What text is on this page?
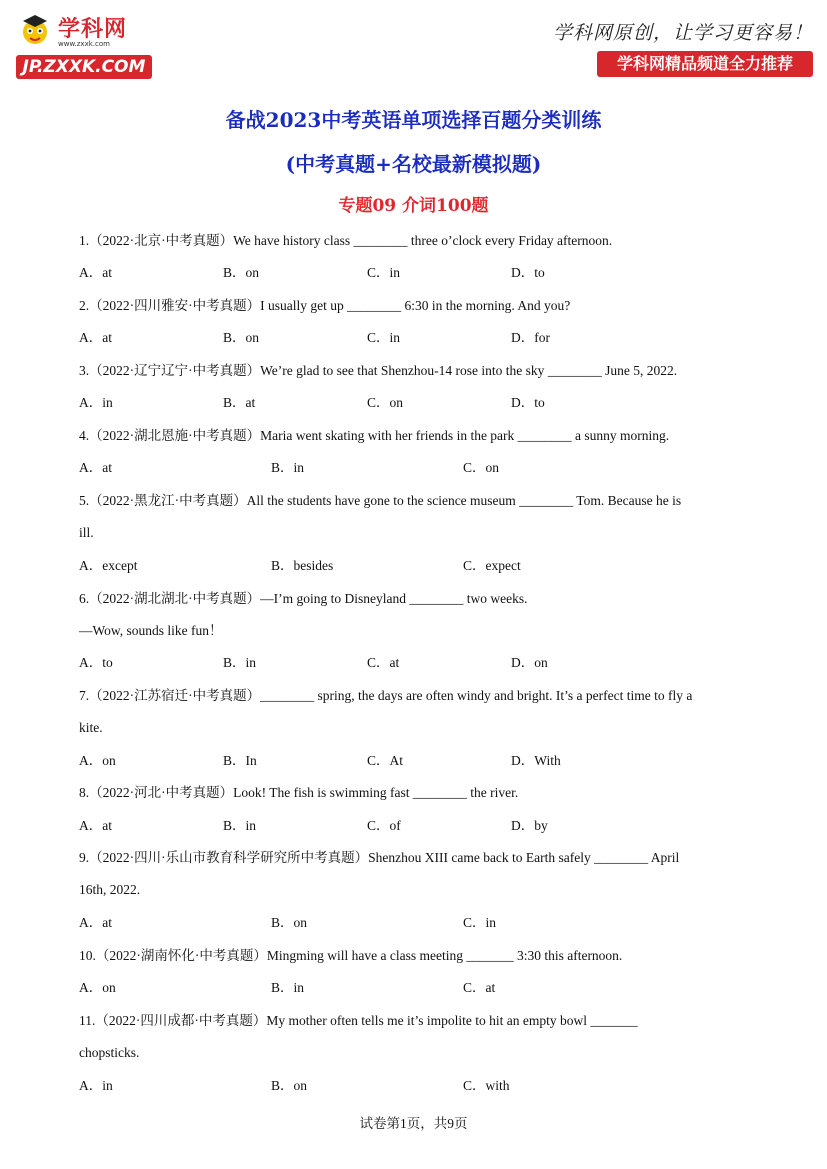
学科网
www.zxxk.com
JP.ZXXK.COM
学科网原创，让学习更容易！
学科网精品频道全力推荐
备战2023中考英语单项选择百题分类训练
(中考真题+名校最新模拟题)
专题09 介词100题
1.（2022·北京·中考真题）We have history class ________ three o’clock every Friday afternoon.
A．at	B．on	C．in	D．to
2.（2022·四川雅安·中考真题）I usually get up ________ 6:30 in the morning. And you?
A．at	B．on	C．in	D．for
3.（2022·辽宁辽宁·中考真题）We’re glad to see that Shenzhou-14 rose into the sky ________ June 5, 2022.
A．in	B．at	C．on	D．to
4.（2022·湖北恩施·中考真题）Maria went skating with her friends in the park ________ a sunny morning.
A．at	B．in	C．on
5.（2022·黑龙江·中考真题）All the students have gone to the science museum ________ Tom. Because he is
ill.
A．except	B．besides	C．expect
6.（2022·湖北湖北·中考真题）—I’m going to Disneyland ________ two weeks.
—Wow, sounds like fun！
A．to	B．in	C．at	D．on
7.（2022·江苏宿迁·中考真题）________ spring, the days are often windy and bright. It’s a perfect time to fly a
kite.
A．on	B．In	C．At	D．With
8.（2022·河北·中考真题）Look! The fish is swimming fast ________ the river.
A．at	B．in	C．of	D．by
9.（2022·四川·乐山市教育科学研究所中考真题）Shenzhou XIII came back to Earth safely ________ April
16th, 2022.
A．at	B．on	C．in
10.（2022·湖南怀化·中考真题）Mingming will have a class meeting _______ 3:30 this afternoon.
A．on	B．in	C．at
11.（2022·四川成都·中考真题）My mother often tells me it’s impolite to hit an empty bowl _______
chopsticks.
A．in	B．on	C．with
试卷第1页，共9页
